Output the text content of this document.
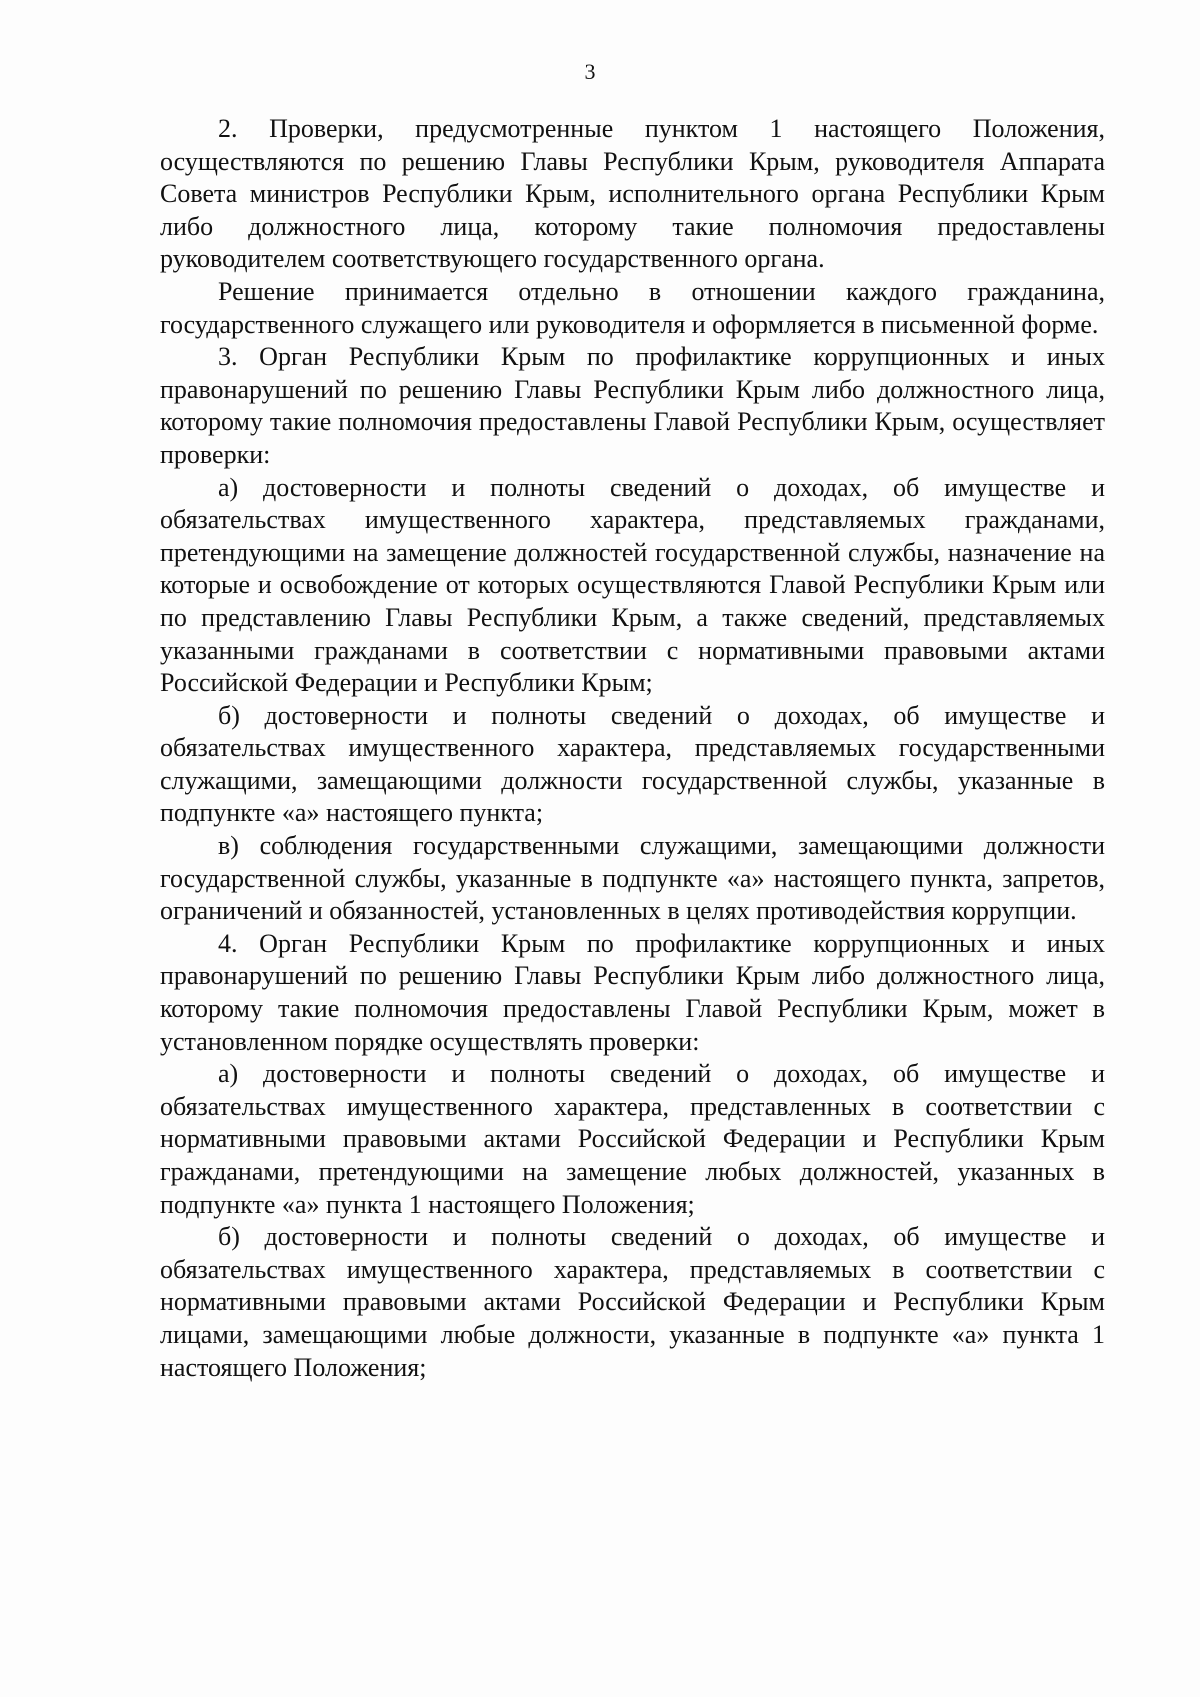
3

2. Проверки, предусмотренные пунктом 1 настоящего Положения, осуществляются по решению Главы Республики Крым, руководителя Аппарата Совета министров Республики Крым, исполнительного органа Республики Крым либо должностного лица, которому такие полномочия предоставлены руководителем соответствующего государственного органа.

Решение принимается отдельно в отношении каждого гражданина, государственного служащего или руководителя и оформляется в письменной форме.

3. Орган Республики Крым по профилактике коррупционных и иных правонарушений по решению Главы Республики Крым либо должностного лица, которому такие полномочия предоставлены Главой Республики Крым, осуществляет проверки:

а) достоверности и полноты сведений о доходах, об имуществе и обязательствах имущественного характера, представляемых гражданами, претендующими на замещение должностей государственной службы, назначение на которые и освобождение от которых осуществляются Главой Республики Крым или по представлению Главы Республики Крым, а также сведений, представляемых указанными гражданами в соответствии с нормативными правовыми актами Российской Федерации и Республики Крым;

б) достоверности и полноты сведений о доходах, об имуществе и обязательствах имущественного характера, представляемых государственными служащими, замещающими должности государственной службы, указанные в подпункте «а» настоящего пункта;

в) соблюдения государственными служащими, замещающими должности государственной службы, указанные в подпункте «а» настоящего пункта, запретов, ограничений и обязанностей, установленных в целях противодействия коррупции.

4. Орган Республики Крым по профилактике коррупционных и иных правонарушений по решению Главы Республики Крым либо должностного лица, которому такие полномочия предоставлены Главой Республики Крым, может в установленном порядке осуществлять проверки:

а) достоверности и полноты сведений о доходах, об имуществе и обязательствах имущественного характера, представленных в соответствии с нормативными правовыми актами Российской Федерации и Республики Крым гражданами, претендующими на замещение любых должностей, указанных в подпункте «а» пункта 1 настоящего Положения;

б) достоверности и полноты сведений о доходах, об имуществе и обязательствах имущественного характера, представляемых в соответствии с нормативными правовыми актами Российской Федерации и Республики Крым лицами, замещающими любые должности, указанные в подпункте «а» пункта 1 настоящего Положения;
